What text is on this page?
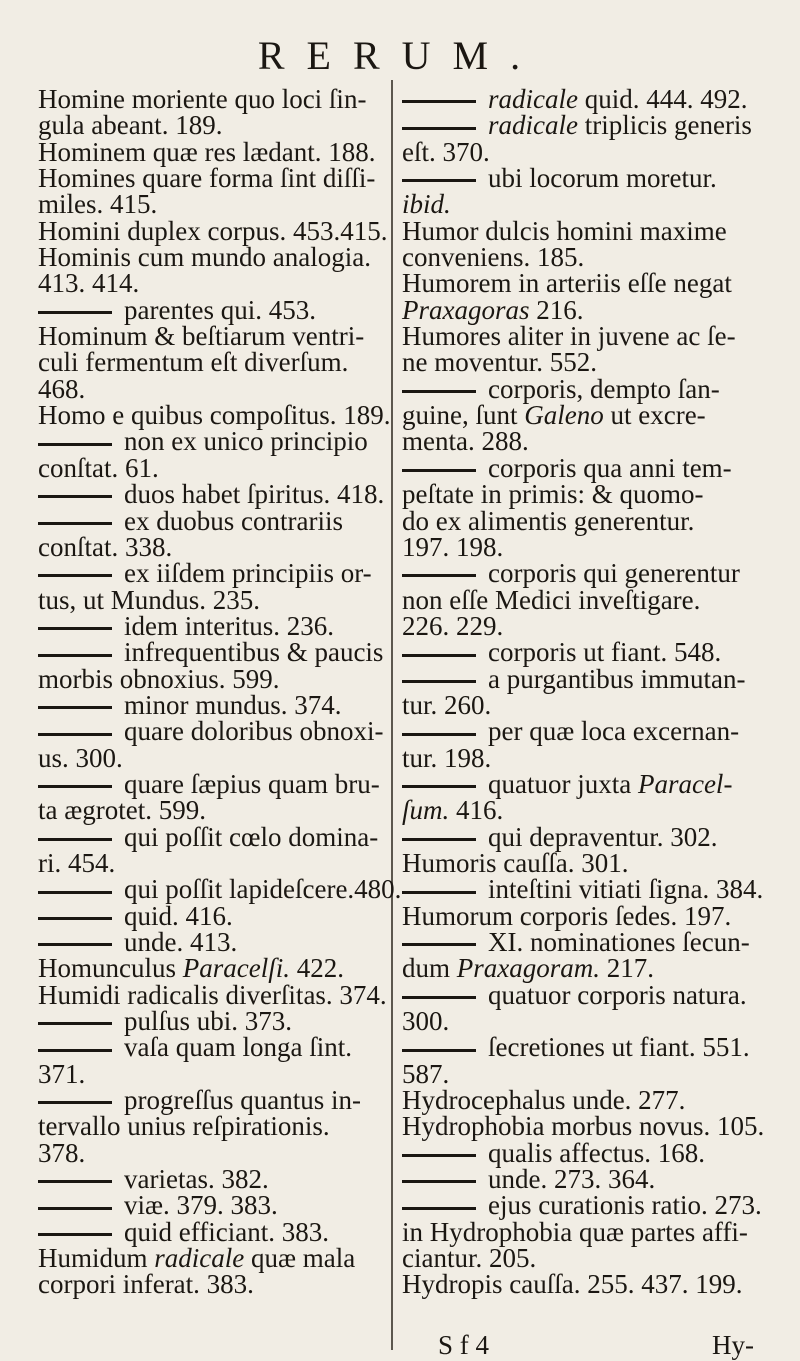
RERUM.
Homine moriente quo loci ſin-
gula abeant. 189.
Hominem quæ res lædant. 188.
Homines quare forma ſint diſſi-
miles. 415.
Homini duplex corpus. 453.415.
Hominis cum mundo analogia.
413. 414.
parentes qui. 453.
Hominum & beſtiarum ventri-
culi fermentum eſt diverſum.
468.
Homo e quibus compoſitus. 189.
non ex unico principio
conſtat. 61.
duos habet ſpiritus. 418.
ex duobus contrariis
conſtat. 338.
ex iiſdem principiis or-
tus, ut Mundus. 235.
idem interitus. 236.
infrequentibus & paucis
morbis obnoxius. 599.
minor mundus. 374.
quare doloribus obnoxi-
us. 300.
quare ſæpius quam bru-
ta ægrotet. 599.
qui poſſit cœlo domina-
ri. 454.
qui poſſit lapideſcere.480.
quid. 416.
unde. 413.
Homunculus Paracelſi. 422.
Humidi radicalis diverſitas. 374.
pulſus ubi. 373.
vaſa quam longa ſint.
371.
progreſſus quantus in-
tervallo unius reſpirationis.
378.
varietas. 382.
viæ. 379. 383.
quid efficiant. 383.
Humidum radicale quæ mala
corpori inferat. 383.
radicale quid. 444. 492.
radicale triplicis generis
eſt. 370.
ubi locorum moretur.
ibid.
Humor dulcis homini maxime
conveniens. 185.
Humorem in arteriis eſſe negat
Praxagoras 216.
Humores aliter in juvene ac ſe-
ne moventur. 552.
corporis, dempto ſan-
guine, ſunt Galeno ut excre-
menta. 288.
corporis qua anni tem-
peſtate in primis: & quomo-
do ex alimentis generentur.
197. 198.
corporis qui generentur
non eſſe Medici inveſtigare.
226. 229.
corporis ut fiant. 548.
a purgantibus immutan-
tur. 260.
per quæ loca excernan-
tur. 198.
quatuor juxta Paracel-
ſum. 416.
qui depraventur. 302.
Humoris cauſſa. 301.
inteſtini vitiati ſigna. 384.
Humorum corporis ſedes. 197.
XI. nominationes ſecun-
dum Praxagoram. 217.
quatuor corporis natura.
300.
ſecretiones ut fiant. 551.
587.
Hydrocephalus unde. 277.
Hydrophobia morbus novus. 105.
qualis affectus. 168.
unde. 273. 364.
ejus curationis ratio. 273.
in Hydrophobia quæ partes affi-
ciantur. 205.
Hydropis cauſſa. 255. 437. 199.
S f 4	Hy-
